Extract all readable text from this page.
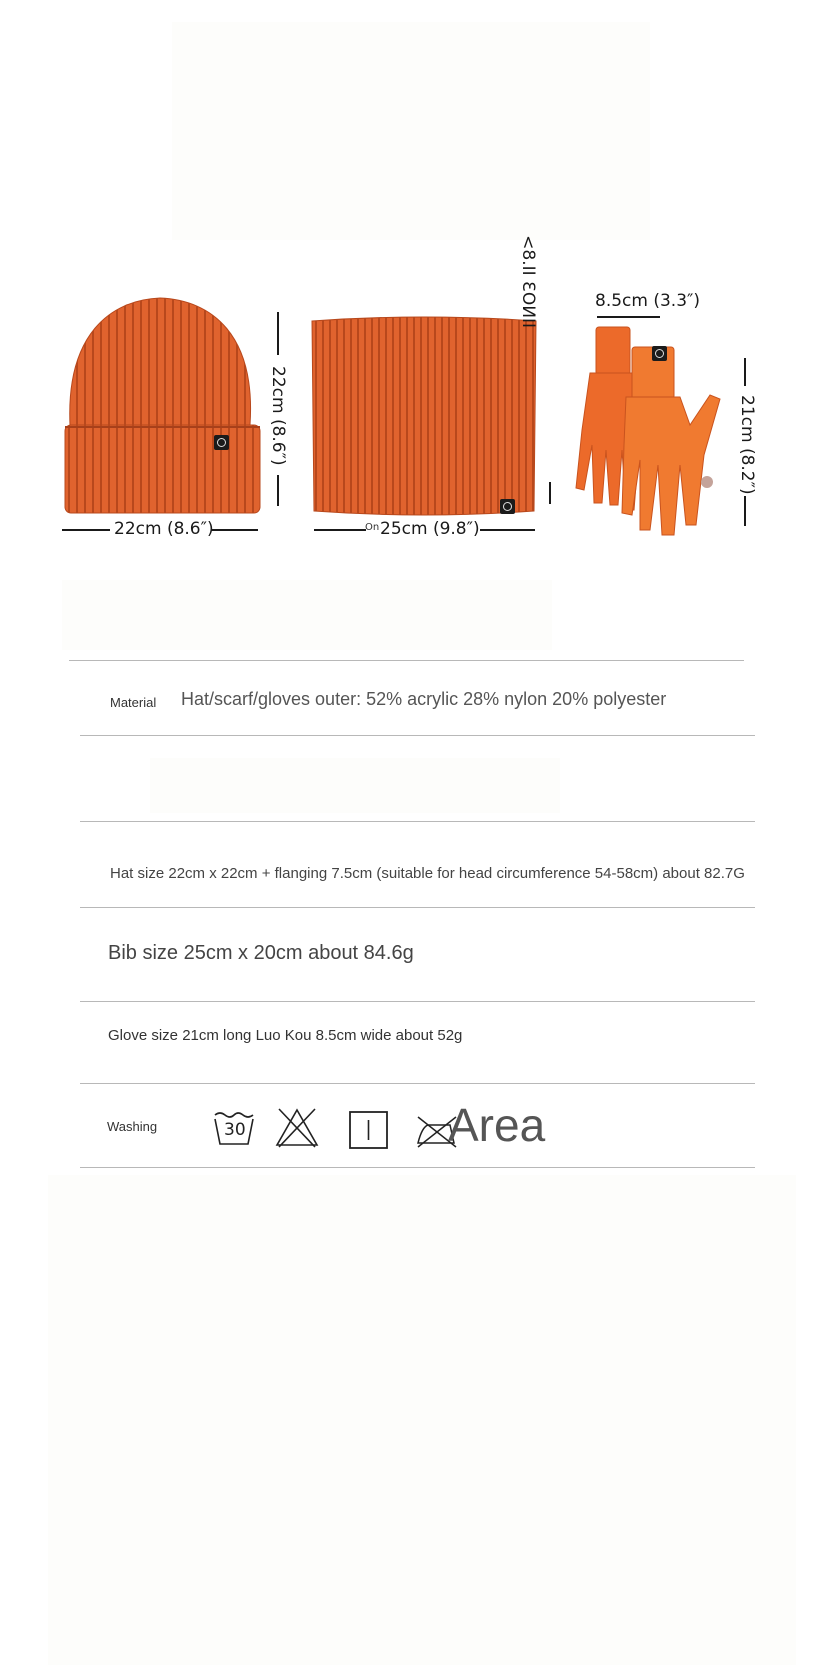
22cm (8.6″)
22cm (8.6″)
IINO3 II.8>
On 25cm (9.8″)
8.5cm (3.3″)
21cm (8.2″)
Material Hat/scarf/gloves outer: 52% acrylic 28% nylon 20% polyester
Hat size 22cm x 22cm + flanging 7.5cm (suitable for head circumference 54-58cm) about 82.7G
Bib size 25cm x 20cm about 84.6g
Glove size 21cm long Luo Kou 8.5cm wide about 52g
Washing	30	Area
